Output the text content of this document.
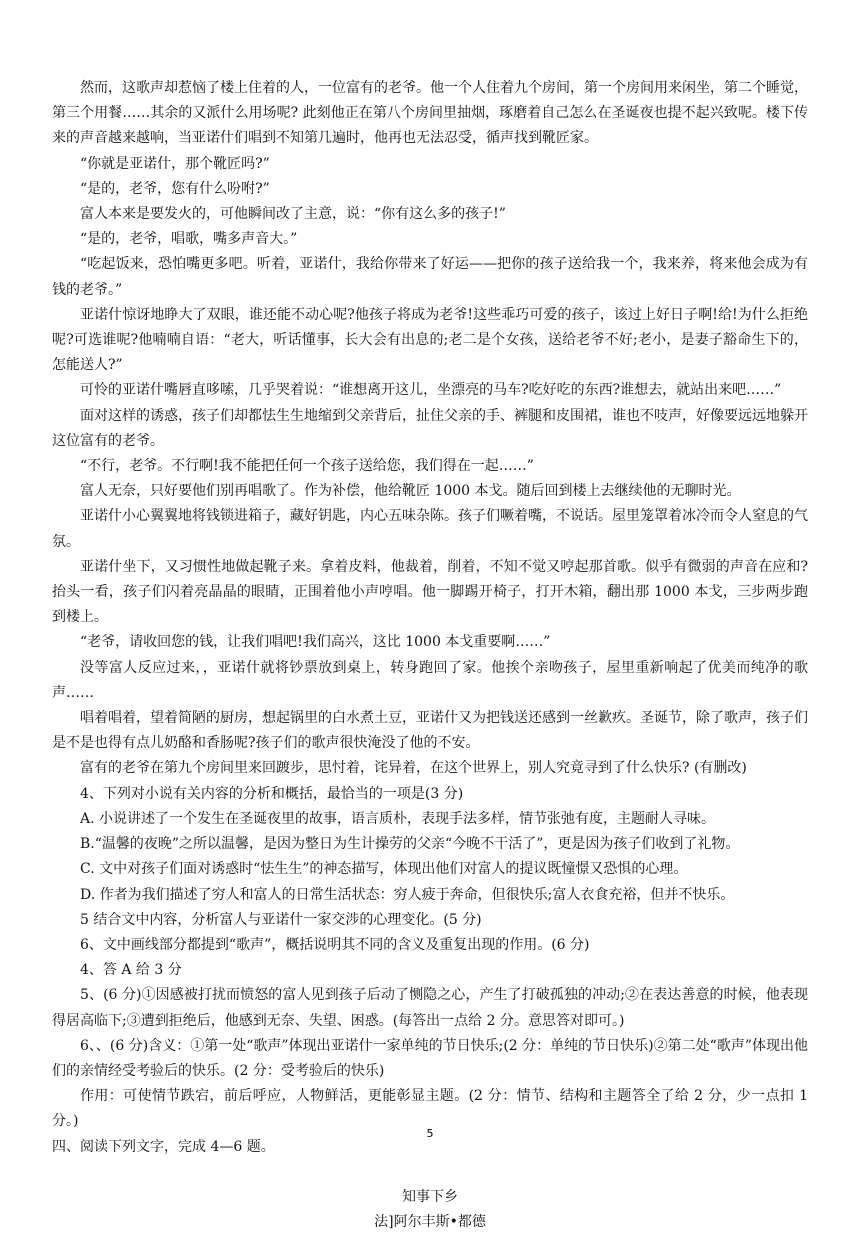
然而，这歌声却惹恼了楼上住着的人，一位富有的老爷。他一个人住着九个房间，第一个房间用来闲坐，第二个睡觉，第三个用餐……其余的又派什么用场呢? 此刻他正在第八个房间里抽烟，琢磨着自己怎么在圣诞夜也提不起兴致呢。楼下传来的声音越来越响，当亚诺什们唱到不知第几遍时，他再也无法忍受，循声找到靴匠家。

“你就是亚诺什，那个靴匠吗?”

“是的，老爷，您有什么吩咐?”

富人本来是要发火的，可他瞬间改了主意，说：“你有这么多的孩子!”

“是的，老爷，唱歌，嘴多声音大。”

“吃起饭来，恐怕嘴更多吧。听着，亚诺什，我给你带来了好运——把你的孩子送给我一个，我来养，将来他会成为有钱的老爷。”

亚诺什惊讶地睁大了双眼，谁还能不动心呢?他孩子将成为老爷!这些乖巧可爱的孩子，该过上好日子啊!给!为什么拒绝呢?可选谁呢?他喃喃自语：“老大，听话懂事，长大会有出息的;老二是个女孩，送给老爷不好;老小，是妻子豁命生下的，怎能送人?”

可怜的亚诺什嘴唇直哆嗦，几乎哭着说：“谁想离开这儿，坐漂亮的马车?吃好吃的东西?谁想去，就站出来吧……”

面对这样的诱惑，孩子们却都怯生生地缩到父亲背后，扯住父亲的手、裤腿和皮围裙，谁也不吱声，好像要远远地躲开这位富有的老爷。

“不行，老爷。不行啊!我不能把任何一个孩子送给您，我们得在一起……”

富人无奈，只好要他们别再唱歌了。作为补偿，他给靴匠 1000 本戈。随后回到楼上去继续他的无聊时光。

亚诺什小心翼翼地将钱锁进箱子，藏好钥匙，内心五味杂陈。孩子们噘着嘴，不说话。屋里笼罩着冰冷而令人窒息的气氛。

亚诺什坐下，又习惯性地做起靴子来。拿着皮料，他裁着，削着，不知不觉又哼起那首歌。似乎有微弱的声音在应和?抬头一看，孩子们闪着亮晶晶的眼睛，正围着他小声哼唱。他一脚踢开椅子，打开木箱，翻出那 1000 本戈，三步两步跑到楼上。

“老爷，请收回您的钱，让我们唱吧!我们高兴，这比 1000 本戈重要啊……”

没等富人反应过来，，亚诺什就将钞票放到桌上，转身跑回了家。他挨个亲吻孩子，屋里重新响起了优美而纯净的歌声……

唱着唱着，望着简陋的厨房，想起锅里的白水煮土豆，亚诺什又为把钱送还感到一丝歉疚。圣诞节，除了歌声，孩子们是不是也得有点儿奶酪和香肠呢?孩子们的歌声很快淹没了他的不安。

富有的老爷在第九个房间里来回踱步，思忖着，诧异着，在这个世界上，别人究竟寻到了什么快乐? (有删改)

4、下列对小说有关内容的分析和概括，最恰当的一项是(3 分)

A. 小说讲述了一个发生在圣诞夜里的故事，语言质朴，表现手法多样，情节张弛有度，主题耐人寻味。

B.“温馨的夜晚”之所以温馨，是因为整日为生计操劳的父亲“今晚不干活了”，更是因为孩子们收到了礼物。

C. 文中对孩子们面对诱惑时“怯生生”的神态描写，体现出他们对富人的提议既憧憬又恐惧的心理。

D. 作者为我们描述了穷人和富人的日常生活状态：穷人疲于奔命，但很快乐;富人衣食充裕，但并不快乐。

5 结合文中内容，分析富人与亚诺什一家交涉的心理变化。(5 分)

6、文中画线部分都提到“歌声”，概括说明其不同的含义及重复出现的作用。(6 分)

4、答 A 给 3 分

5、(6 分)①因感被打扰而愤怒的富人见到孩子后动了恻隐之心，产生了打破孤独的冲动;②在表达善意的时候，他表现得居高临下;③遭到拒绝后，他感到无奈、失望、困惑。(每答出一点给 2 分。意思答对即可。)

6、、(6 分)含义：①第一处“歌声”体现出亚诺什一家单纯的节日快乐;(2 分：单纯的节日快乐)②第二处“歌声”体现出他们的亲情经受考验后的快乐。(2 分：受考验后的快乐)

作用：可使情节跌宕，前后呼应，人物鲜活，更能彰显主题。(2 分：情节、结构和主题答全了给 2 分，少一点扣 1 分。)

四、阅读下列文字，完成 4—6 题。

知事下乡

法]阿尔丰斯•都德

5
